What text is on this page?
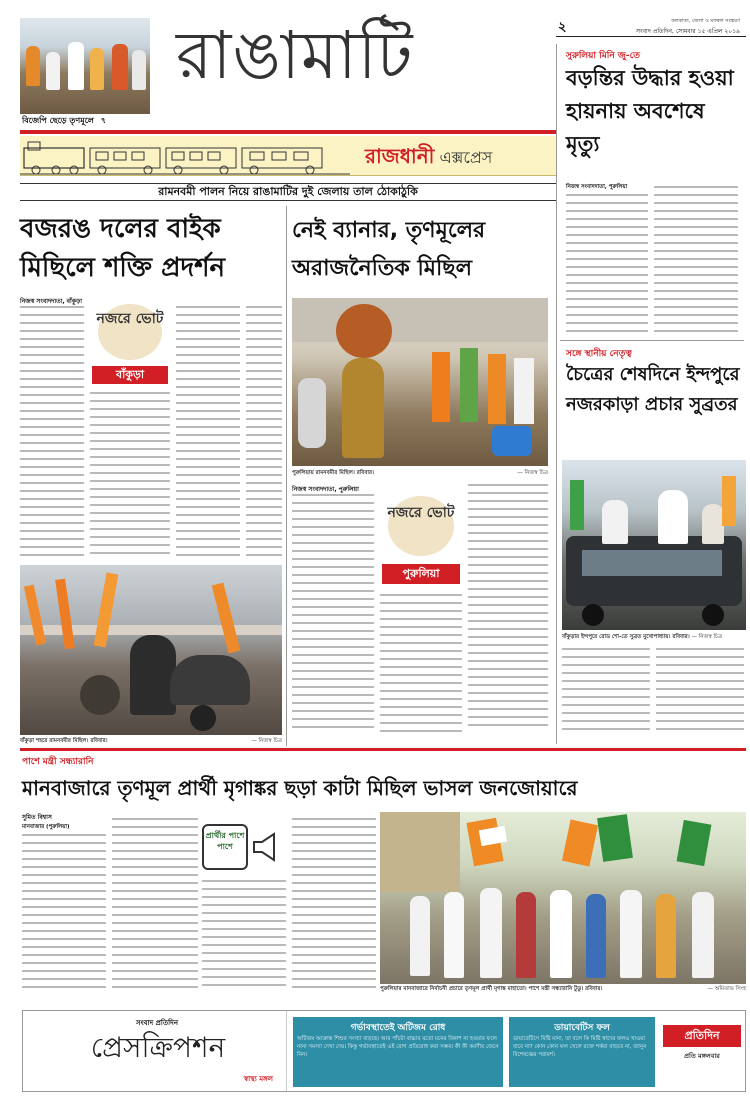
বিজেপি ছেড়ে তৃণমূলে ৭
রাঙামাটি	২	কলকাতা, জেলা ও মফস্বল সংস্করণ
সংবাদ প্রতিদিন, সোমবার ১৫ এপ্রিল ২০১৯
রাজধানী এক্সপ্রেস
রামনবমী পালন নিয়ে রাঙামাটির দুই জেলায় তাল ঠোকাঠুকি
বজরঙ দলের বাইক মিছিলে শক্তি প্রদর্শন
নিজস্ব সংবাদদাতা, বাঁকুড়া
নজরে ভোট
বাঁকুড়া
বাঁকুড়া শহরে রামনবমীর মিছিল। রবিবার।	— নিজস্ব চিত্র
নেই ব্যানার, তৃণমূলের অরাজনৈতিক মিছিল
পুরুলিয়ায় রামনবমীর মিছিল। রবিবার।	— নিজস্ব চিত্র
নিজস্ব সংবাদদাতা, পুরুলিয়া
নজরে ভোট
পুরুলিয়া
সুরুলিয়া মিনি জু-তে
বড়ন্তির উদ্ধার হওয়া হায়নায় অবশেষে মৃত্যু
নিজস্ব সংবাদদাতা, পুরুলিয়া
সঙ্গে স্থানীয় নেতৃত্ব
চৈত্রের শেষদিনে ইন্দপুরে নজরকাড়া প্রচার সুব্রতর
বাঁকুড়ার ইন্দপুরে রোড শো-তে সুব্রত মুখোপাধ্যায়। রবিবার। — নিজস্ব চিত্র
পাশে মন্ত্রী সন্ধ্যারানি
মানবাজারে তৃণমূল প্রার্থী মৃগাঙ্কর ছড়া কাটা মিছিল ভাসল জনজোয়ারে
সুমিত বিশ্বাস
মানবাজার (পুরুলিয়া)
প্রার্থীর পাশে পাশে
পুরুলিয়ার মানবাজারে নির্বাচনী প্রচারে তৃণমূল প্রার্থী মৃগাঙ্ক মাহাতো। পাশে মন্ত্রী সন্ধ্যারানি টুডু। রবিবার।	— অমিতাভ সিংহ
সংবাদ প্রতিদিন
প্রেসক্রিপশন
স্বাস্থ্য মঙ্গল
গর্ভাবস্থাতেই অটিজম রোধ
অটিজম আক্রান্ত শিশুর সংখ্যা বাড়ছে। আর পাঁচটা বাচ্চার মতো মনের বিকাশ না হওয়ার ফলে নানা সমস্যা দেখা দেয়। কিন্তু গর্ভাবস্থাতেই এই রোগ প্রতিরোধ করা সম্ভব। কী কী করণীয় জেনে নিন।
ডায়াবেটিস ফল
ডায়াবেটিসে মিষ্টি মানা, তা বলে কি মিষ্টি স্বাদের ফলও খাওয়া যাবে না? কোন কোন ফল খেলে রক্তে শর্করা বাড়বে না, জানুন বিশেষজ্ঞের পরামর্শ।
প্রতিদিন
প্রতি মঙ্গলবার
